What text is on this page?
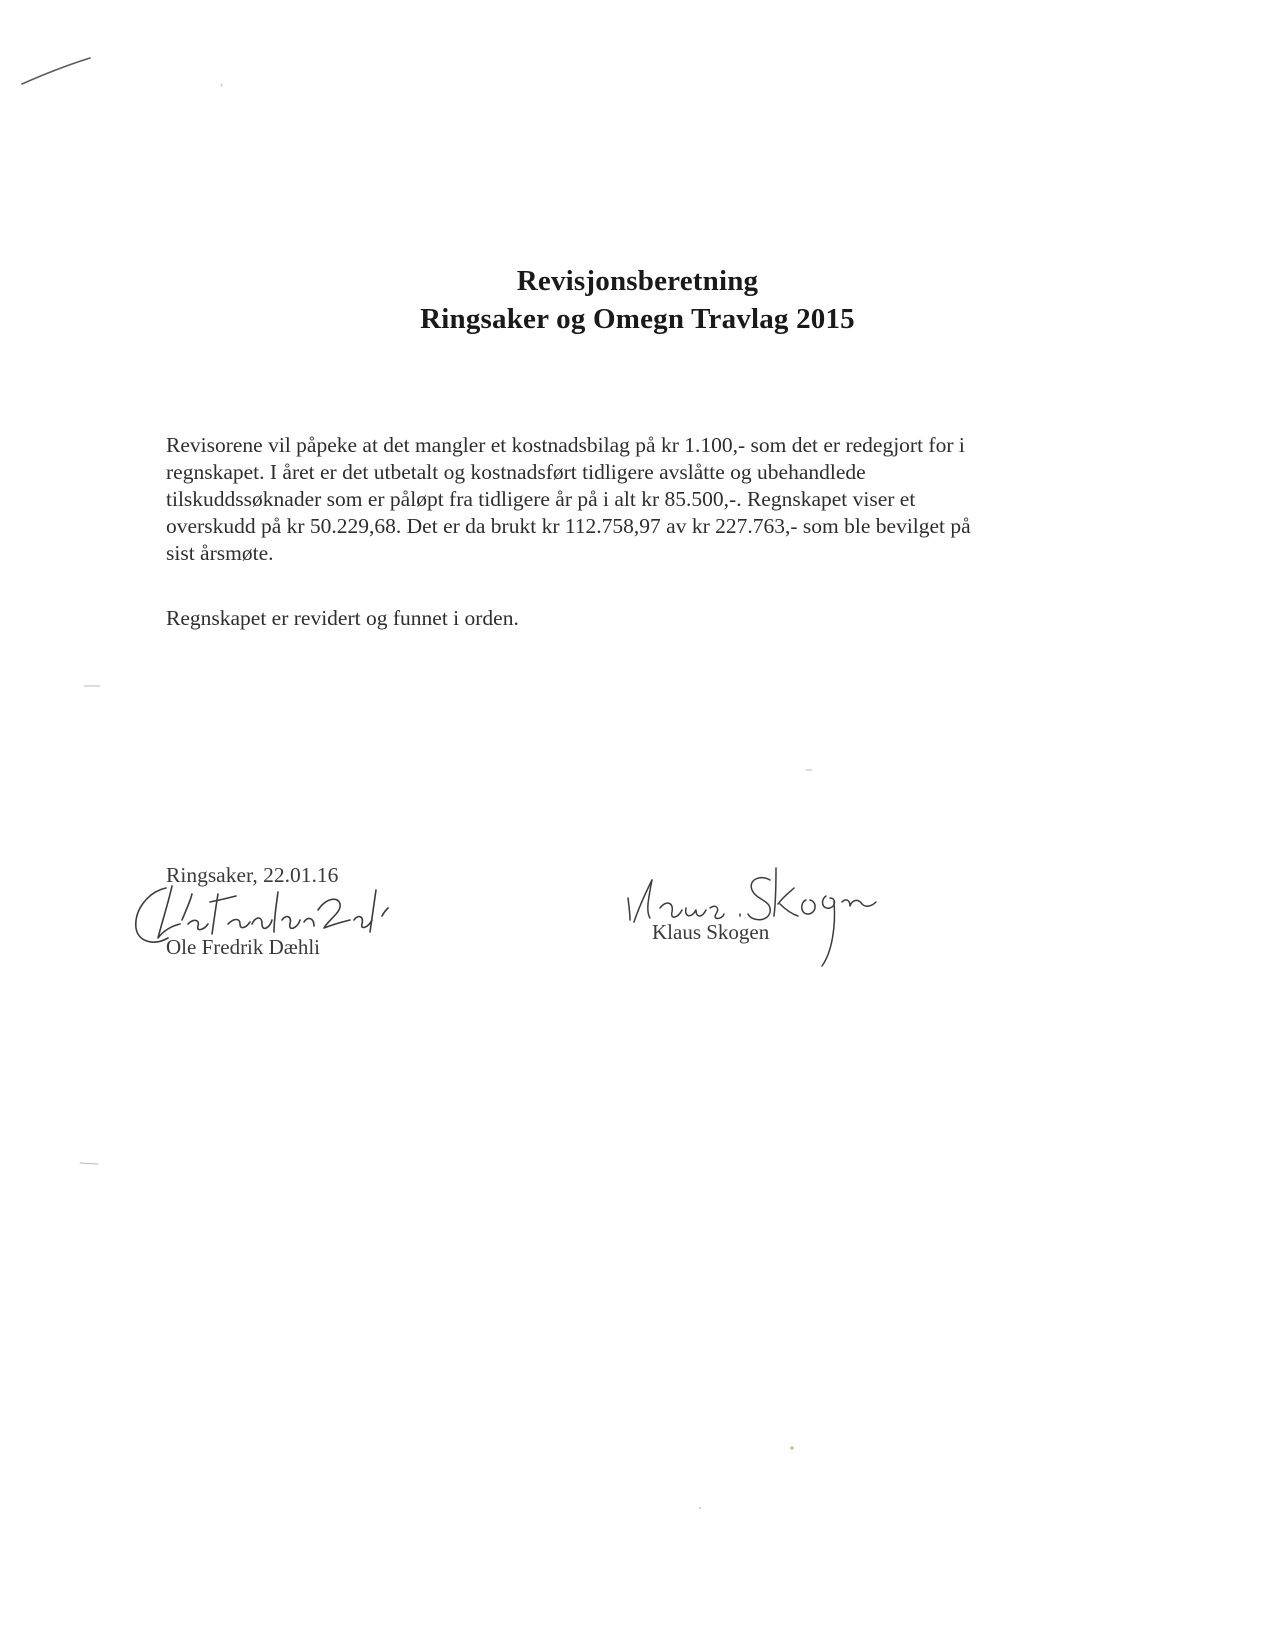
Revisjonsberetning
Ringsaker og Omegn Travlag 2015
Revisorene vil påpeke at det mangler et kostnadsbilag på kr 1.100,- som det er redegjort for i
regnskapet. I året er det utbetalt og kostnadsført tidligere avslåtte og ubehandlede
tilskuddssøknader som er påløpt fra tidligere år på i alt kr 85.500,-. Regnskapet viser et
overskudd på kr 50.229,68. Det er da brukt kr 112.758,97 av kr 227.763,- som ble bevilget på
sist årsmøte.
Regnskapet er revidert og funnet i orden.
Ringsaker, 22.01.16
Ole Fredrik Dæhli
Klaus Skogen
